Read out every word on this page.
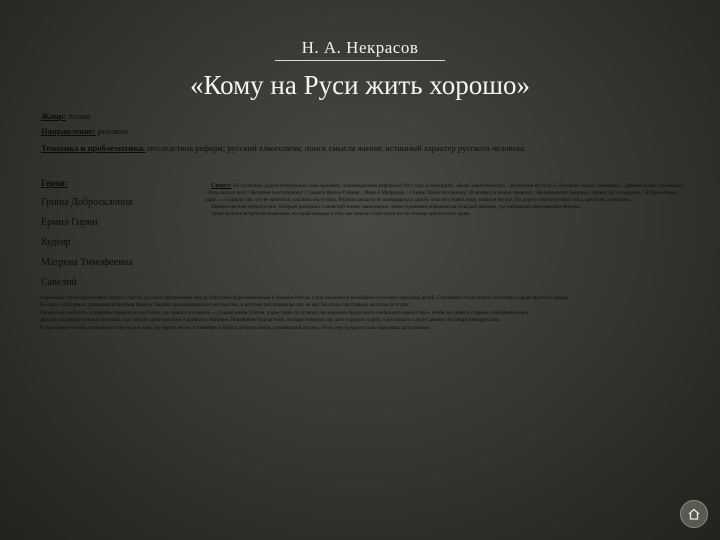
Н. А. Некрасов
«Кому на Руси жить хорошо»
Жанр: поэма
Направление: реализм
Тематика и проблематика: последствия реформ; русский алкоголизм; поиск смысла жизни; истинный характер русского человека
Герои:
Гриша Добросклонов
Ермил Гирин
Кудеяр
Матрена Тимофеевна
Савелий

Сюжет: На столбовой дороге встретились семь мужиков, освобожденных реформой 1861 года, и заспорили, «Кому живется весело, / Вольготно на Руси?» «Романов сказал: помещику, / Демьян сказал: чиновнику, / Лука сказал: попу / Купчине толстопузому! / Сказали братья Губины, / Иван и Митродор. / Старик Пахом потужился / И молвил, в землю глядючи: / Вельможному боярину, / Министру государеву. / А Пров сказал: царю...» Спорили так, что не заметили, как ночь наступила. Мужики решили не возвращаться домой, пока не узнают, кому живется весело. По дороге они встречают попа, крестьян, помещика.

Первым им повстречался поп, который рассказал о нелегкой жизни священника; затем странники побывали на сельской ярмарке, где наблюдали крестьянское веселье.

Затем мужики встретили помещика, который поведал о том, как тяжело стало жить после отмены крепостного права.

Странники стали свидетелями спора о счастье русского крестьянина между Павлушей Веретенниковым и Якимом Нагим. Спор закончился всеобщим согласием: народной долей. Странники стали искать счастливых среди простого народа.

На скопе счастливых странники встретили Ермила Гирина, прославившегося честностью, о котором рассказывали, что он мог бы стать счастливым, но попал в острог.

Продолжая свой путь, странники пришли в село Клин, где правил последыш — старый князь Утятин, а крестьяне по уговору наследников продолжали изображать крепостных, чтобы не лишить старика спокойной жизни.

Дальше странники решили поискать счастливую среди женщин и пришли к Матрене Тимофеевне Корчагиной, которая поведала им свою горькую судьбу, и рассказала о деде Савелии, богатыре святорусском.

В заключение поэмы описывается пир на всю мир, где звучат песни, и появляется Гриша Добросклонов, сочиняющий песню о Руси, ему суждено стать народным заступником.
